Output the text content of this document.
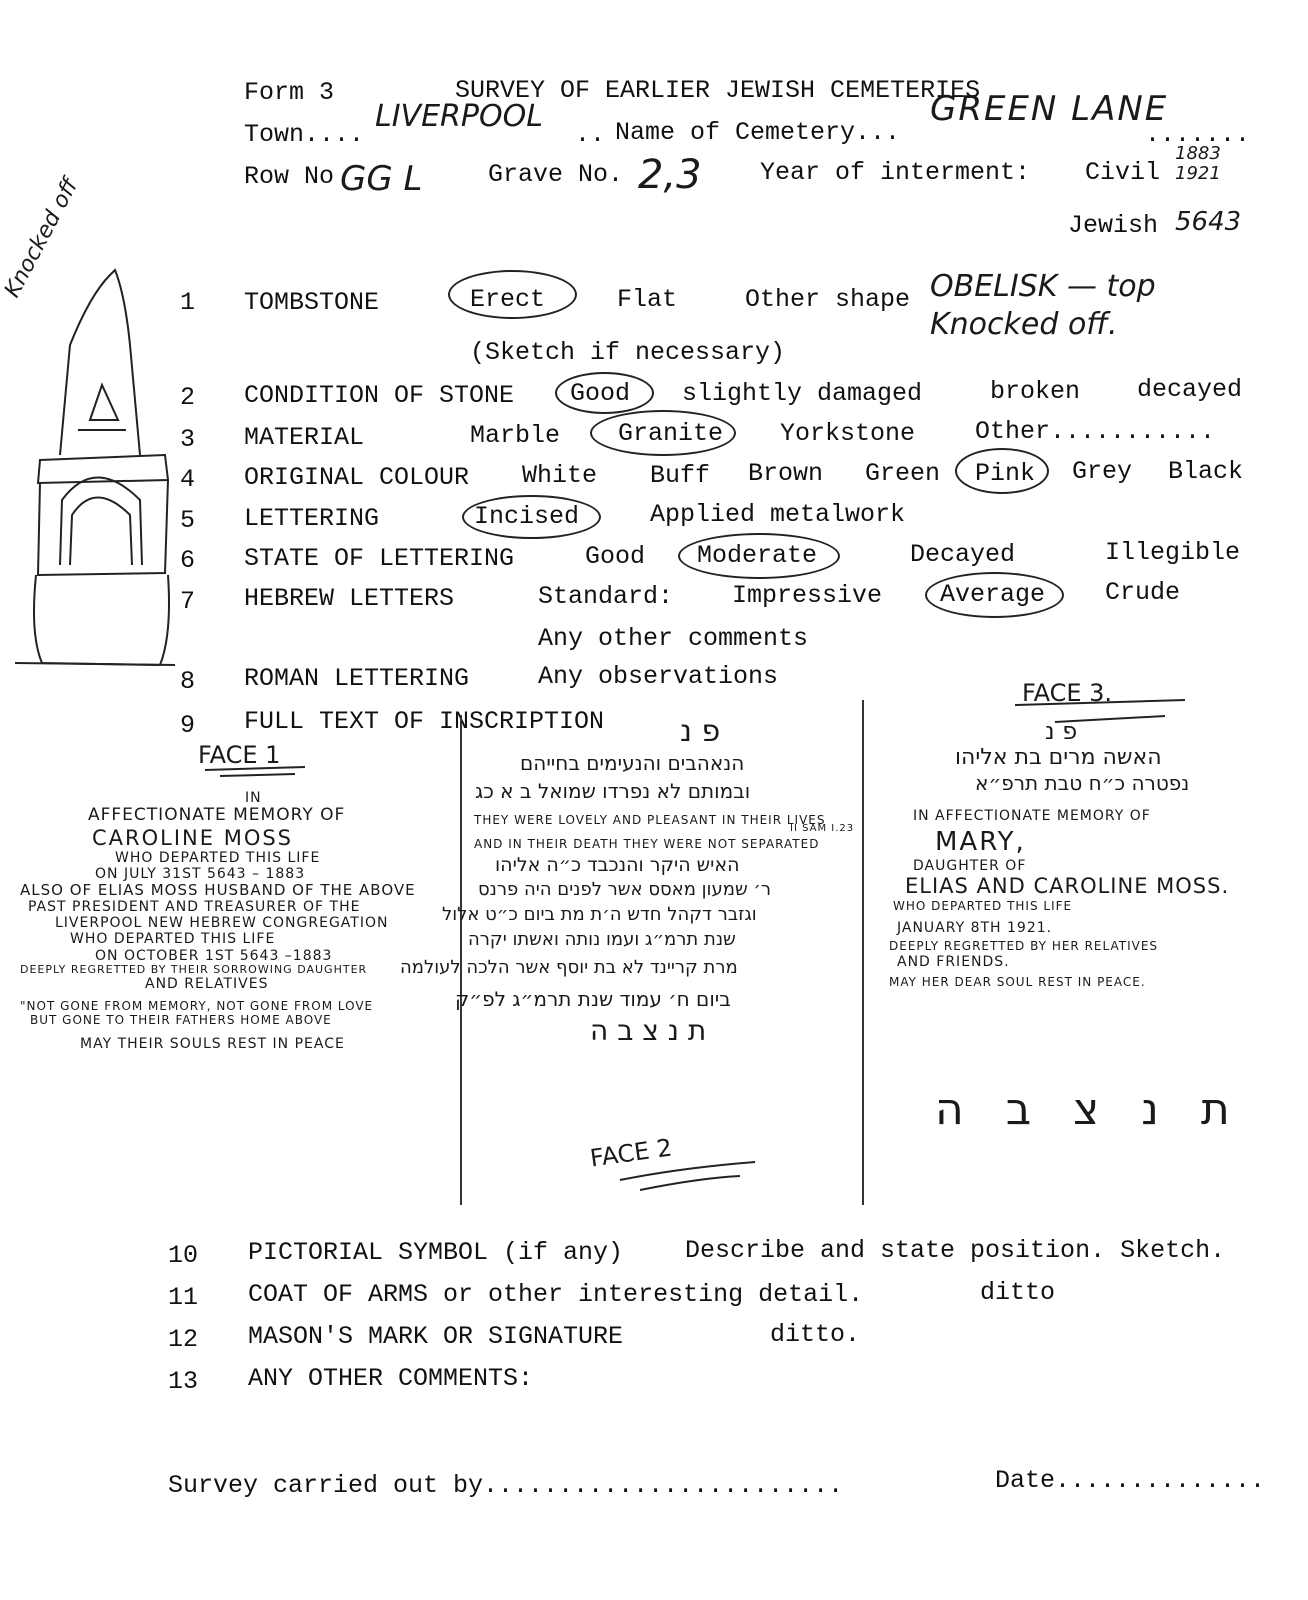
Form 3	SURVEY OF EARLIER JEWISH CEMETERIES
Town....
LIVERPOOL
.. Name of Cemetery...
GREEN LANE
.......
Row No GG L	Grave No. 2,3 Year of interment: Civil
1883
1921
Jewish 5643
1 TOMBSTONE	Erect	Flat	Other shape OBELISK — top
Knocked off.
(Sketch if necessary)
2 CONDITION OF STONE Good slightly damaged	broken decayed
3 MATERIAL	Marble Granite Yorkstone Other...........
4 ORIGINAL COLOUR White Buff Brown Green Pink Grey Black
5 LETTERING	Incised	Applied metalwork
6 STATE OF LETTERING	Good Moderate	Decayed	Illegible
7 HEBREW LETTERS	Standard: Impressive Average Crude
Any other comments
8 ROMAN LETTERING	Any observations
9 FULL TEXT OF INSCRIPTION
Knocked off
FACE 1
IN
AFFECTIONATE MEMORY OF
CAROLINE MOSS
WHO DEPARTED THIS LIFE
ON JULY 31ST 5643 – 1883
ALSO OF ELIAS MOSS HUSBAND OF THE ABOVE
PAST PRESIDENT AND TREASURER OF THE
LIVERPOOL NEW HEBREW CONGREGATION
WHO DEPARTED THIS LIFE
ON OCTOBER 1ST 5643 –1883
DEEPLY REGRETTED BY THEIR SORROWING DAUGHTER
AND RELATIVES
"NOT GONE FROM MEMORY, NOT GONE FROM LOVE
BUT GONE TO THEIR FATHERS HOME ABOVE
MAY THEIR SOULS REST IN PEACE
פ נ
הנאהבים והנעימים בחייהם
ובמותם לא נפרדו שמואל ב א כג
THEY WERE LOVELY AND PLEASANT IN THEIR LIVES
AND IN THEIR DEATH THEY WERE NOT SEPARATED
II SAM I.23
האיש היקר והנכבד כ״ה אליהו
ר׳ שמעון מאסס אשר לפנים היה פרנס
וגזבר דקהל חדש ה׳ת מת ביום כ״ט אלול
שנת תרמ״ג ועמו נותה ואשתו יקרה
מרת קריינד לא בת יוסף אשר הלכה לעולמה
ביום ח׳ עמוד שנת תרמ״ג לפ״ק
ת נ צ ב ה
FACE 2
FACE 3.
פ נ
האשה מרים בת אליהו
נפטרה כ״ח טבת תרפ״א
IN AFFECTIONATE MEMORY OF
MARY,
DAUGHTER OF
ELIAS AND CAROLINE MOSS.
WHO DEPARTED THIS LIFE
JANUARY 8TH 1921.
DEEPLY REGRETTED BY HER RELATIVES
AND FRIENDS.
MAY HER DEAR SOUL REST IN PEACE.
ת נ צ ב ה
10 PICTORIAL SYMBOL (if any) Describe and state position. Sketch.
11 COAT OF ARMS or other interesting detail.	ditto
12 MASON'S MARK OR SIGNATURE	ditto.
13 ANY OTHER COMMENTS:
Survey carried out by........................	Date..............
